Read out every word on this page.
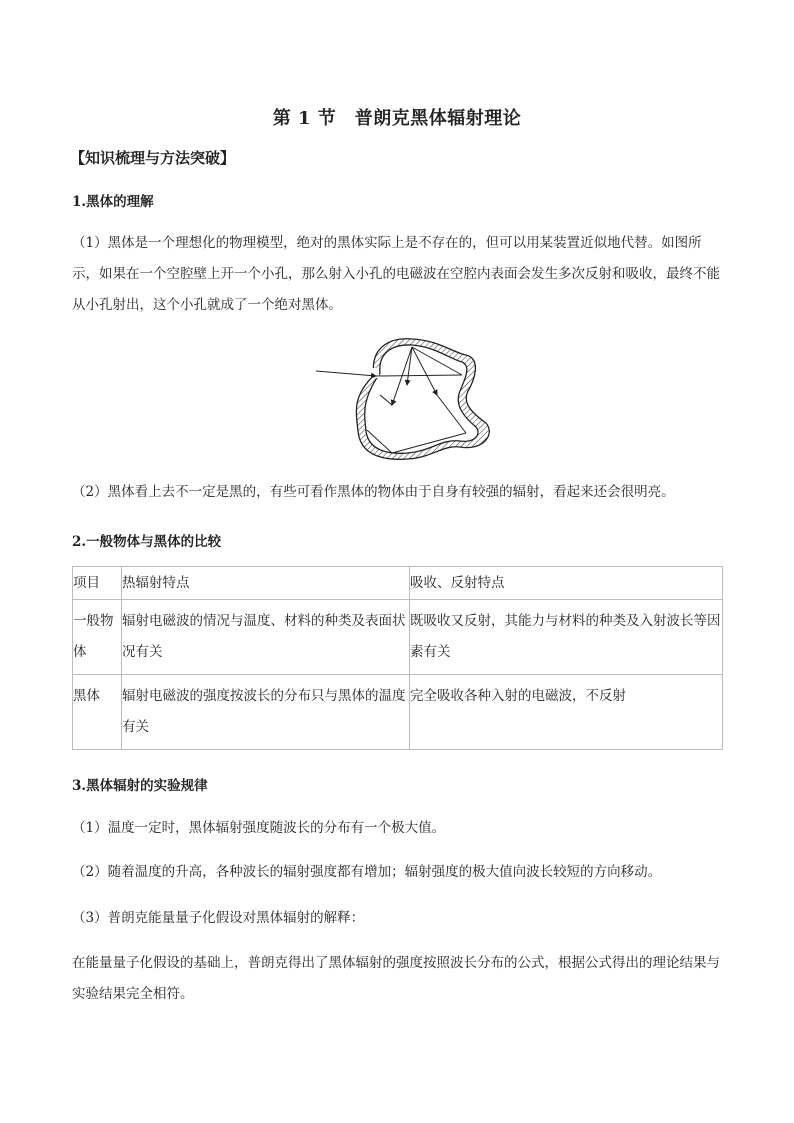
第 1 节　普朗克黑体辐射理论
【知识梳理与方法突破】
1.黑体的理解
（1）黑体是一个理想化的物理模型，绝对的黑体实际上是不存在的，但可以用某装置近似地代替。如图所示，如果在一个空腔壁上开一个小孔，那么射入小孔的电磁波在空腔内表面会发生多次反射和吸收，最终不能从小孔射出，这个小孔就成了一个绝对黑体。
（2）黑体看上去不一定是黑的，有些可看作黑体的物体由于自身有较强的辐射，看起来还会很明亮。
2.一般物体与黑体的比较
项目	热辐射特点	吸收、反射特点
一般物体	辐射电磁波的情况与温度、材料的种类及表面状况有关	既吸收又反射，其能力与材料的种类及入射波长等因素有关
黑体	辐射电磁波的强度按波长的分布只与黑体的温度有关	完全吸收各种入射的电磁波，不反射
3.黑体辐射的实验规律
（1）温度一定时，黑体辐射强度随波长的分布有一个极大值。
（2）随着温度的升高，各种波长的辐射强度都有增加；辐射强度的极大值向波长较短的方向移动。
（3）普朗克能量量子化假设对黑体辐射的解释：
在能量量子化假设的基础上，普朗克得出了黑体辐射的强度按照波长分布的公式，根据公式得出的理论结果与实验结果完全相符。
